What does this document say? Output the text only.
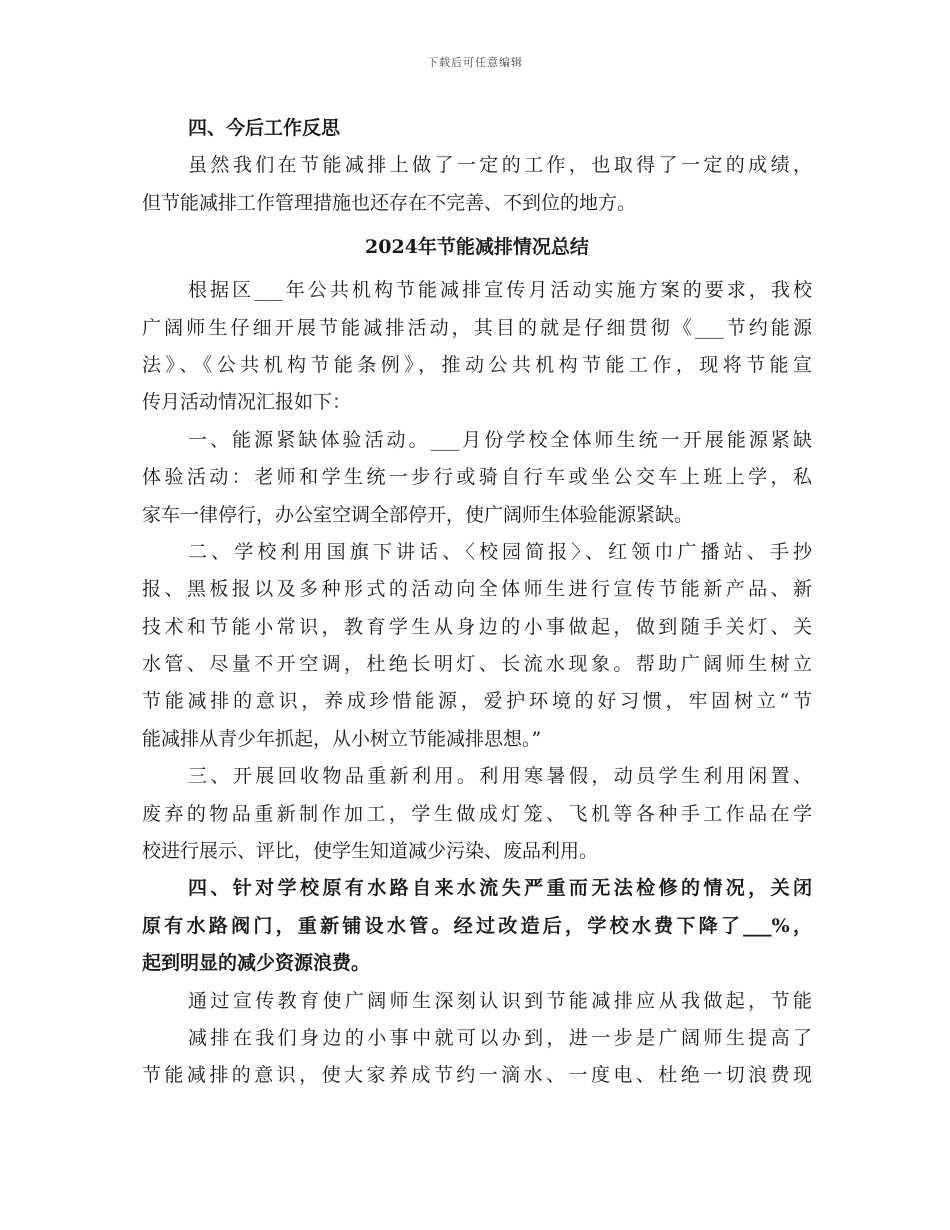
下载后可任意编辑
四、今后工作反思
虽然我们在节能减排上做了一定的工作，也取得了一定的成绩，
但节能减排工作管理措施也还存在不完善、不到位的地方。
2024年节能减排情况总结
根据区___年公共机构节能减排宣传月活动实施方案的要求，我校
广阔师生仔细开展节能减排活动，其目的就是仔细贯彻《___节约能源
法》、《公共机构节能条例》，推动公共机构节能工作，现将节能宣
传月活动情况汇报如下：
一、能源紧缺体验活动。___月份学校全体师生统一开展能源紧缺
体验活动：老师和学生统一步行或骑自行车或坐公交车上班上学，私
家车一律停行，办公室空调全部停开，使广阔师生体验能源紧缺。
二、学校利用国旗下讲话、〈校园简报〉、红领巾广播站、手抄
报、黑板报以及多种形式的活动向全体师生进行宣传节能新产品、新
技术和节能小常识，教育学生从身边的小事做起，做到随手关灯、关
水管、尽量不开空调，杜绝长明灯、长流水现象。帮助广阔师生树立
节能减排的意识，养成珍惜能源，爱护环境的好习惯，牢固树立“节
能减排从青少年抓起，从小树立节能减排思想。”
三、开展回收物品重新利用。利用寒暑假，动员学生利用闲置、
废弃的物品重新制作加工，学生做成灯笼、飞机等各种手工作品在学
校进行展示、评比，使学生知道减少污染、废品利用。
四、针对学校原有水路自来水流失严重而无法检修的情况，关闭
原有水路阀门，重新铺设水管。经过改造后，学校水费下降了___%，
起到明显的减少资源浪费。
通过宣传教育使广阔师生深刻认识到节能减排应从我做起，节能
减排在我们身边的小事中就可以办到，进一步是广阔师生提高了
节能减排的意识，使大家养成节约一滴水、一度电、杜绝一切浪费现
